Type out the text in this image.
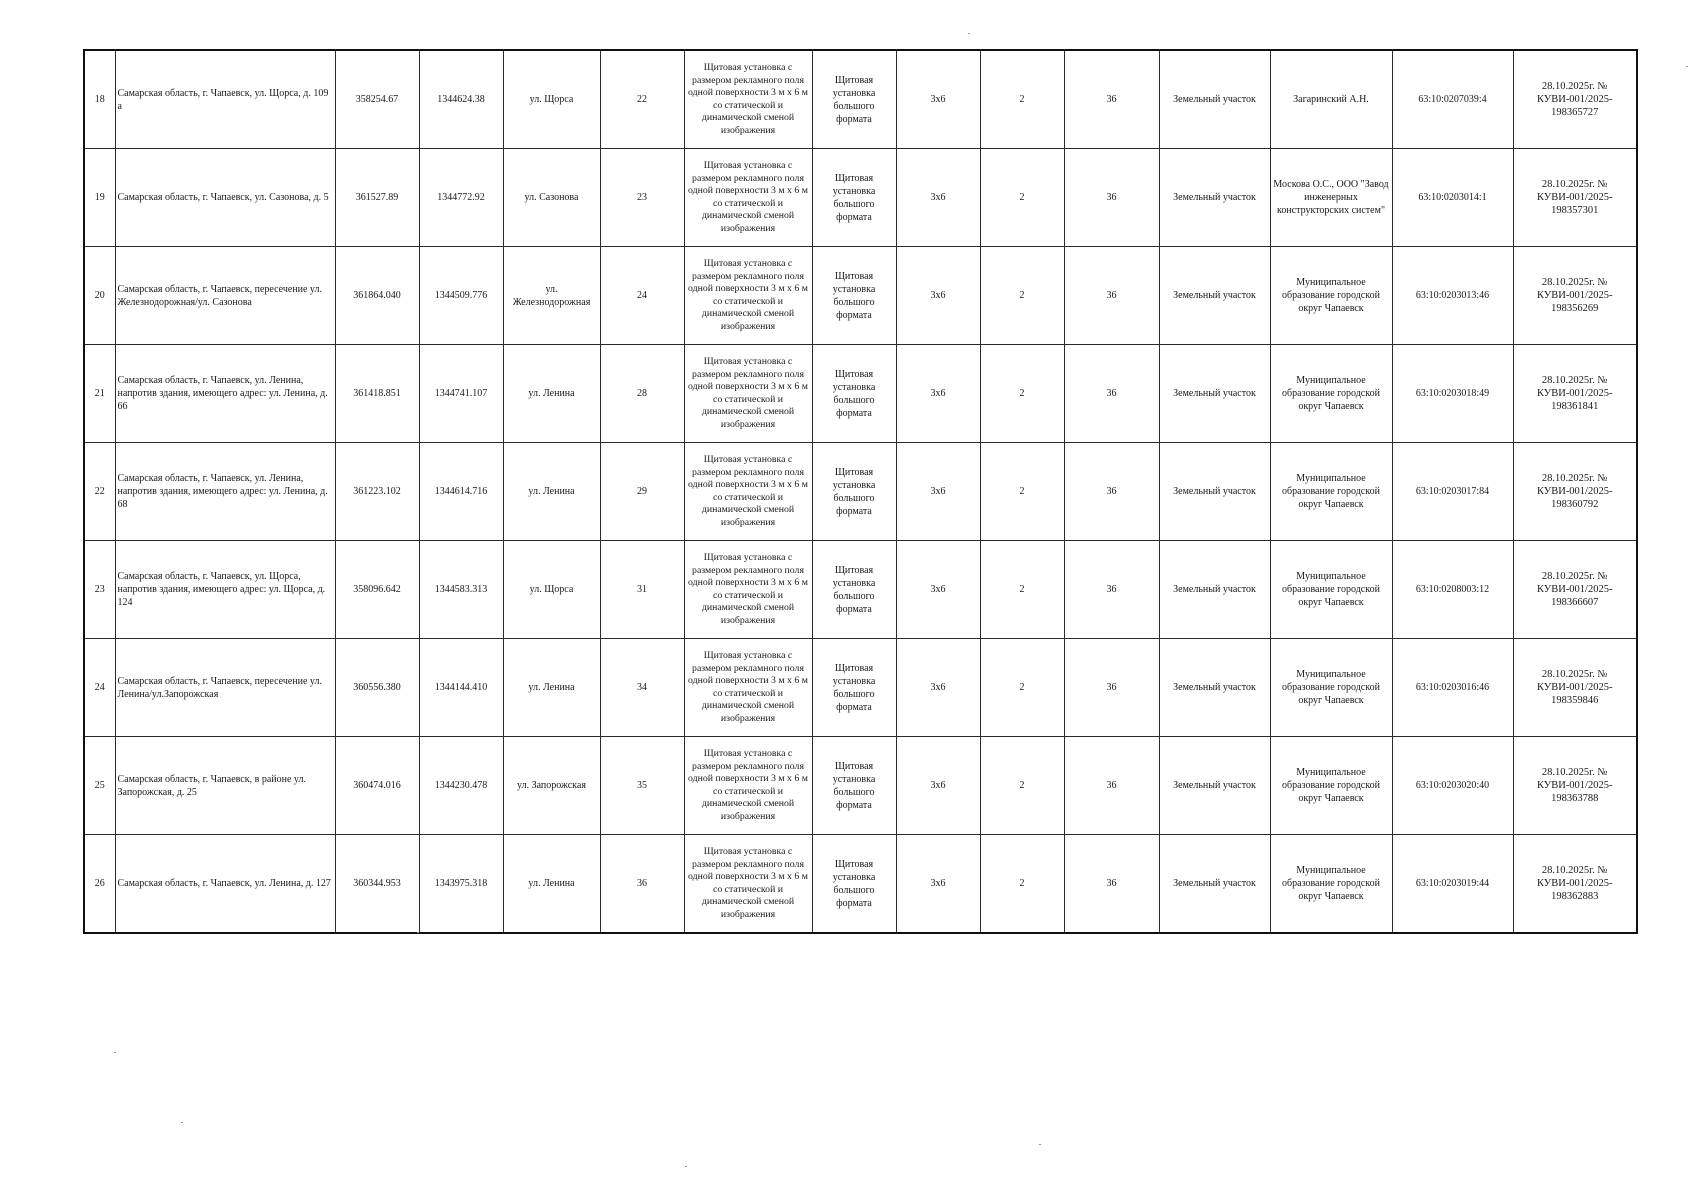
18	Самарская область, г. Чапаевск, ул. Щорса, д. 109 а	358254.67	1344624.38	ул. Щорса	22	Щитовая установка с размером рекламного поля одной поверхности 3 м х 6 м со статической и динамической сменой изображения	Щитовая установка большого формата	3х6	2	36	Земельный участок	Загаринский А.Н.	63:10:0207039:4	28.10.2025г. № КУВИ-001/2025-198365727
19	Самарская область, г. Чапаевск, ул. Сазонова, д. 5	361527.89	1344772.92	ул. Сазонова	23	Щитовая установка с размером рекламного поля одной поверхности 3 м х 6 м со статической и динамической сменой изображения	Щитовая установка большого формата	3х6	2	36	Земельный участок	Москова О.С., ООО "Завод инженерных конструкторских систем"	63:10:0203014:1	28.10.2025г. № КУВИ-001/2025-198357301
20	Самарская область, г. Чапаевск, пересечение ул. Железнодорожная/ул. Сазонова	361864.040	1344509.776	ул. Железнодорожная	24	Щитовая установка с размером рекламного поля одной поверхности 3 м х 6 м со статической и динамической сменой изображения	Щитовая установка большого формата	3х6	2	36	Земельный участок	Муниципальное образование городской округ Чапаевск	63:10:0203013:46	28.10.2025г. № КУВИ-001/2025-198356269
21	Самарская область, г. Чапаевск, ул. Ленина, напротив здания, имеющего адрес: ул. Ленина, д. 66	361418.851	1344741.107	ул. Ленина	28	Щитовая установка с размером рекламного поля одной поверхности 3 м х 6 м со статической и динамической сменой изображения	Щитовая установка большого формата	3х6	2	36	Земельный участок	Муниципальное образование городской округ Чапаевск	63:10:0203018:49	28.10.2025г. № КУВИ-001/2025-198361841
22	Самарская область, г. Чапаевск, ул. Ленина, напротив здания, имеющего адрес: ул. Ленина, д. 68	361223.102	1344614.716	ул. Ленина	29	Щитовая установка с размером рекламного поля одной поверхности 3 м х 6 м со статической и динамической сменой изображения	Щитовая установка большого формата	3х6	2	36	Земельный участок	Муниципальное образование городской округ Чапаевск	63:10:0203017:84	28.10.2025г. № КУВИ-001/2025-198360792
23	Самарская область, г. Чапаевск, ул. Щорса, напротив здания, имеющего адрес: ул. Щорса, д. 124	358096.642	1344583.313	ул. Щорса	31	Щитовая установка с размером рекламного поля одной поверхности 3 м х 6 м со статической и динамической сменой изображения	Щитовая установка большого формата	3х6	2	36	Земельный участок	Муниципальное образование городской округ Чапаевск	63:10:0208003:12	28.10.2025г. № КУВИ-001/2025-198366607
24	Самарская область, г. Чапаевск, пересечение ул. Ленина/ул.Запорожская	360556.380	1344144.410	ул. Ленина	34	Щитовая установка с размером рекламного поля одной поверхности 3 м х 6 м со статической и динамической сменой изображения	Щитовая установка большого формата	3х6	2	36	Земельный участок	Муниципальное образование городской округ Чапаевск	63:10:0203016:46	28.10.2025г. № КУВИ-001/2025-198359846
25	Самарская область, г. Чапаевск, в районе ул. Запорожская, д. 25	360474.016	1344230.478	ул. Запорожская	35	Щитовая установка с размером рекламного поля одной поверхности 3 м х 6 м со статической и динамической сменой изображения	Щитовая установка большого формата	3х6	2	36	Земельный участок	Муниципальное образование городской округ Чапаевск	63:10:0203020:40	28.10.2025г. № КУВИ-001/2025-198363788
26	Самарская область, г. Чапаевск, ул. Ленина, д. 127	360344.953	1343975.318	ул. Ленина	36	Щитовая установка с размером рекламного поля одной поверхности 3 м х 6 м со статической и динамической сменой изображения	Щитовая установка большого формата	3х6	2	36	Земельный участок	Муниципальное образование городской округ Чапаевск	63:10:0203019:44	28.10.2025г. № КУВИ-001/2025-198362883
